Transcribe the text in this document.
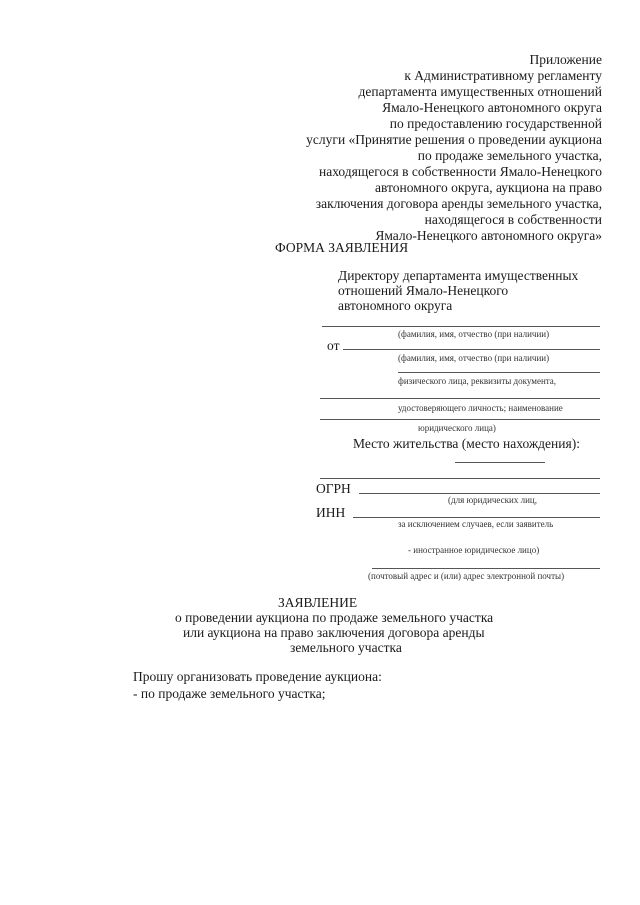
Приложение
к Административному регламенту
департамента имущественных отношений
Ямало-Ненецкого автономного округа
по предоставлению государственной
услуги «Принятие решения о проведении аукциона
по продаже земельного участка,
находящегося в собственности Ямало-Ненецкого
автономного округа, аукциона на право
заключения договора аренды земельного участка,
находящегося в собственности
Ямало-Ненецкого автономного округа»
ФОРМА ЗАЯВЛЕНИЯ
Директору департамента имущественных
отношений Ямало-Ненецкого
автономного округа
(фамилия, имя, отчество (при наличии)
от
(фамилия, имя, отчество (при наличии)
физического лица, реквизиты документа,
удостоверяющего личность; наименование
юридического лица)
Место жительства (место нахождения):
ОГРН
(для юридических лиц,
ИНН
за исключением случаев, если заявитель
- иностранное юридическое лицо)
(почтовый адрес и (или) адрес электронной почты)
ЗАЯВЛЕНИЕ
о проведении аукциона по продаже земельного участка
или аукциона на право заключения договора аренды
земельного участка
Прошу организовать проведение аукциона:
- по продаже земельного участка;
